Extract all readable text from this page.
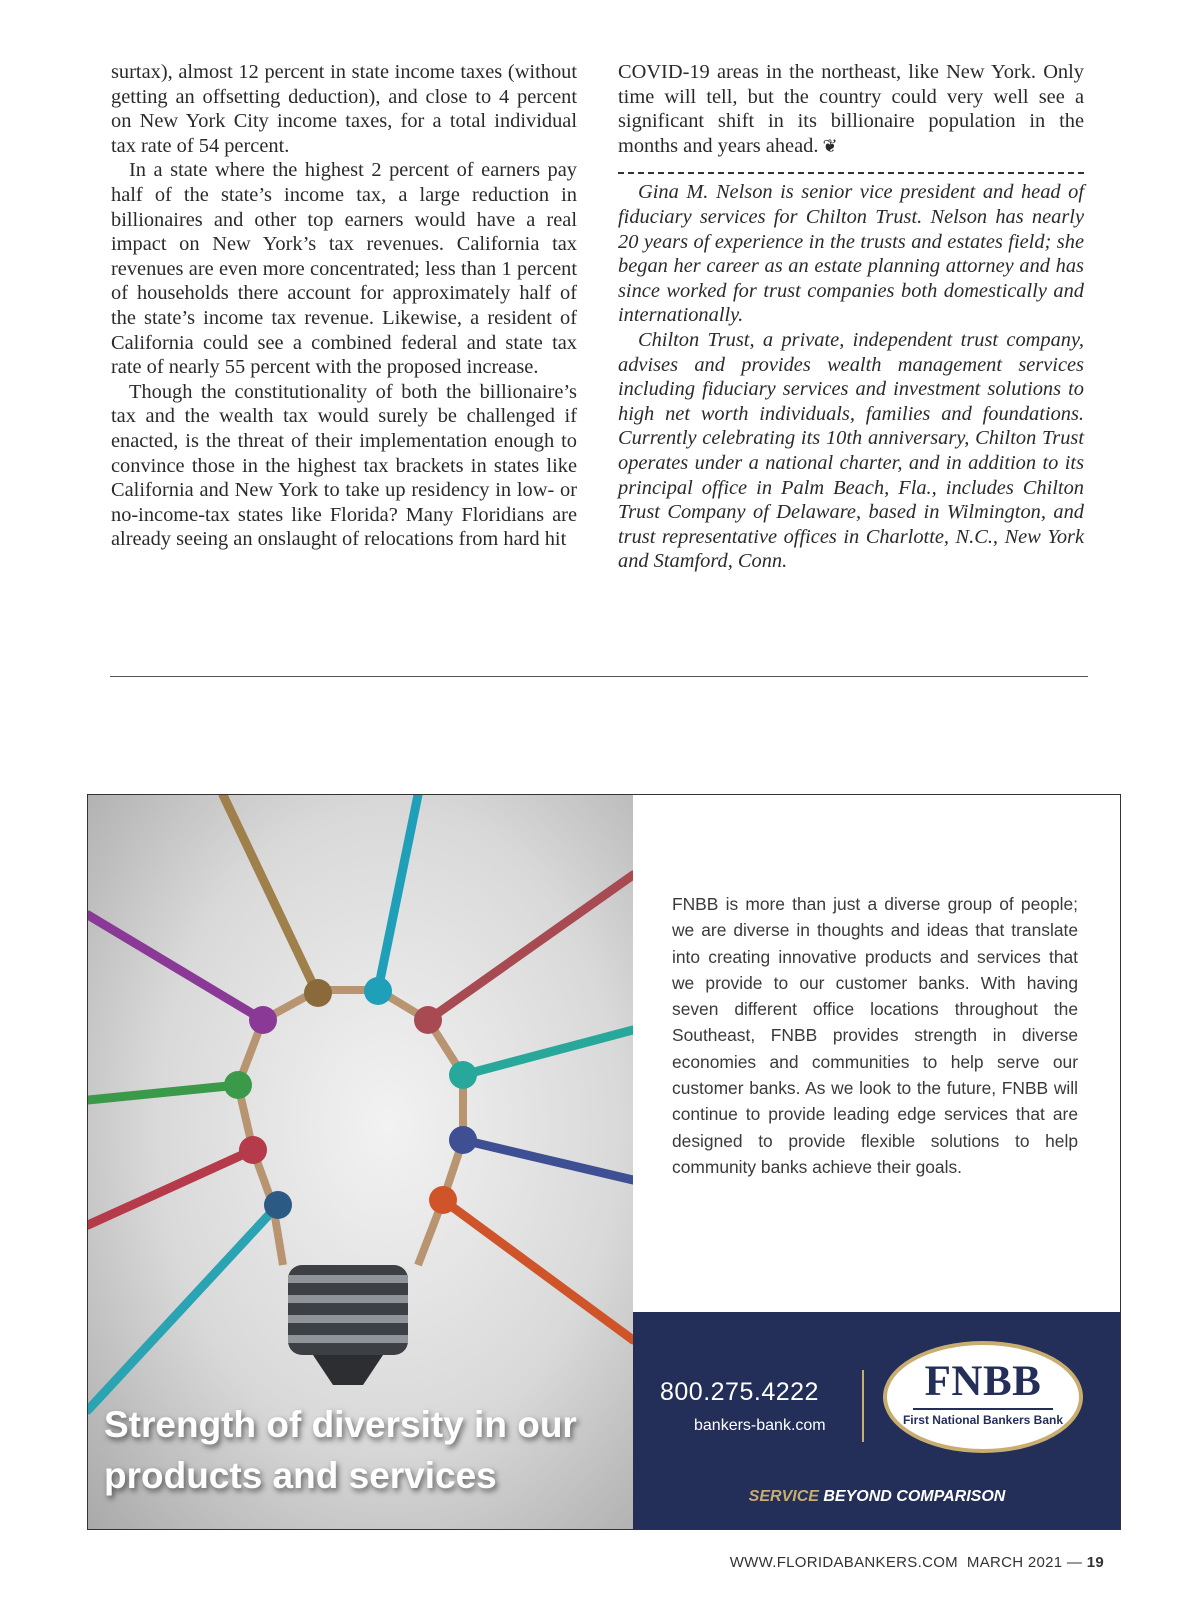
surtax), almost 12 percent in state income taxes (without getting an offsetting deduction), and close to 4 percent on New York City income taxes, for a total individual tax rate of 54 percent.

In a state where the highest 2 percent of earners pay half of the state’s income tax, a large reduction in billionaires and other top earners would have a real impact on New York’s tax revenues. California tax revenues are even more concentrated; less than 1 percent of households there account for approximately half of the state’s income tax revenue. Likewise, a resident of California could see a combined federal and state tax rate of nearly 55 percent with the proposed increase.

Though the constitutionality of both the billionaire’s tax and the wealth tax would surely be challenged if enacted, is the threat of their implementation enough to convince those in the highest tax brackets in states like California and New York to take up residency in low- or no-income-tax states like Florida? Many Floridians are already seeing an onslaught of relocations from hard hit

COVID-19 areas in the northeast, like New York. Only time will tell, but the country could very well see a significant shift in its billionaire population in the months and years ahead. ❦

Gina M. Nelson is senior vice president and head of fiduciary services for Chilton Trust. Nelson has nearly 20 years of experience in the trusts and estates field; she began her career as an estate planning attorney and has since worked for trust companies both domestically and internationally.

Chilton Trust, a private, independent trust company, advises and provides wealth management services including fiduciary services and investment solutions to high net worth individuals, families and foundations. Currently celebrating its 10th anniversary, Chilton Trust operates under a national charter, and in addition to its principal office in Palm Beach, Fla., includes Chilton Trust Company of Delaware, based in Wilmington, and trust representative offices in Charlotte, N.C., New York and Stamford, Conn.

Strength of diversity in our products and services
FNBB is more than just a diverse group of people; we are diverse in thoughts and ideas that translate into creating innovative products and services that we provide to our customer banks. With having seven different office locations throughout the Southeast, FNBB provides strength in diverse economies and communities to help serve our customer banks. As we look to the future, FNBB will continue to provide leading edge services that are designed to provide flexible solutions to help community banks achieve their goals.
800.275.4222
bankers-bank.com
FNBB
First National Bankers Bank
SERVICE BEYOND COMPARISON
WWW.FLORIDABANKERS.COM MARCH 2021 — 19
